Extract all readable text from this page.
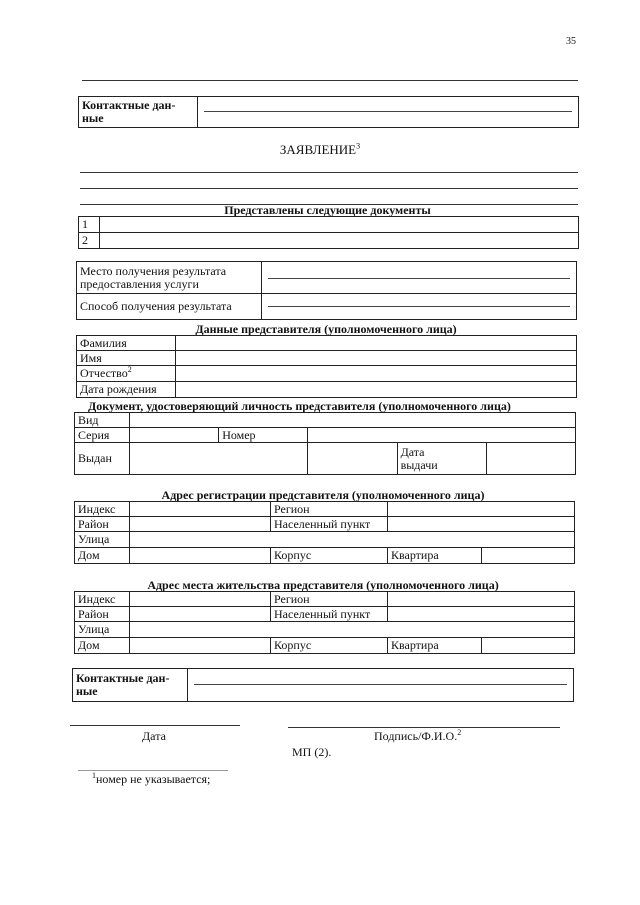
35
Контактные дан-
ные	
ЗАЯВЛЕНИЕ$^3$
Представлены следующие документы
1	
2	
Место получения результата предоставления услуги	

Способ получения результата	
Данные представителя (уполномоченного лица)
Фамилия	
Имя	
Отчество$^2$	
Дата рождения	
Документ, удостоверяющий личность представителя (уполномоченного лица)
Вид					
Серия		Номер			
Выдан				Дата
выдачи	
Адрес регистрации представителя (уполномоченного лица)
Индекс		Регион		
Район		Населенный пункт		
Улица				
Дом		Корпус	Квартира	
Адрес места жительства представителя (уполномоченного лица)
Индекс		Регион		
Район		Населенный пункт		
Улица				
Дом		Корпус	Квартира	
Контактные дан-
ные	
Дата	Подпись/Ф.И.О.$^2$
МП (2).
$^1$номер не указывается;
